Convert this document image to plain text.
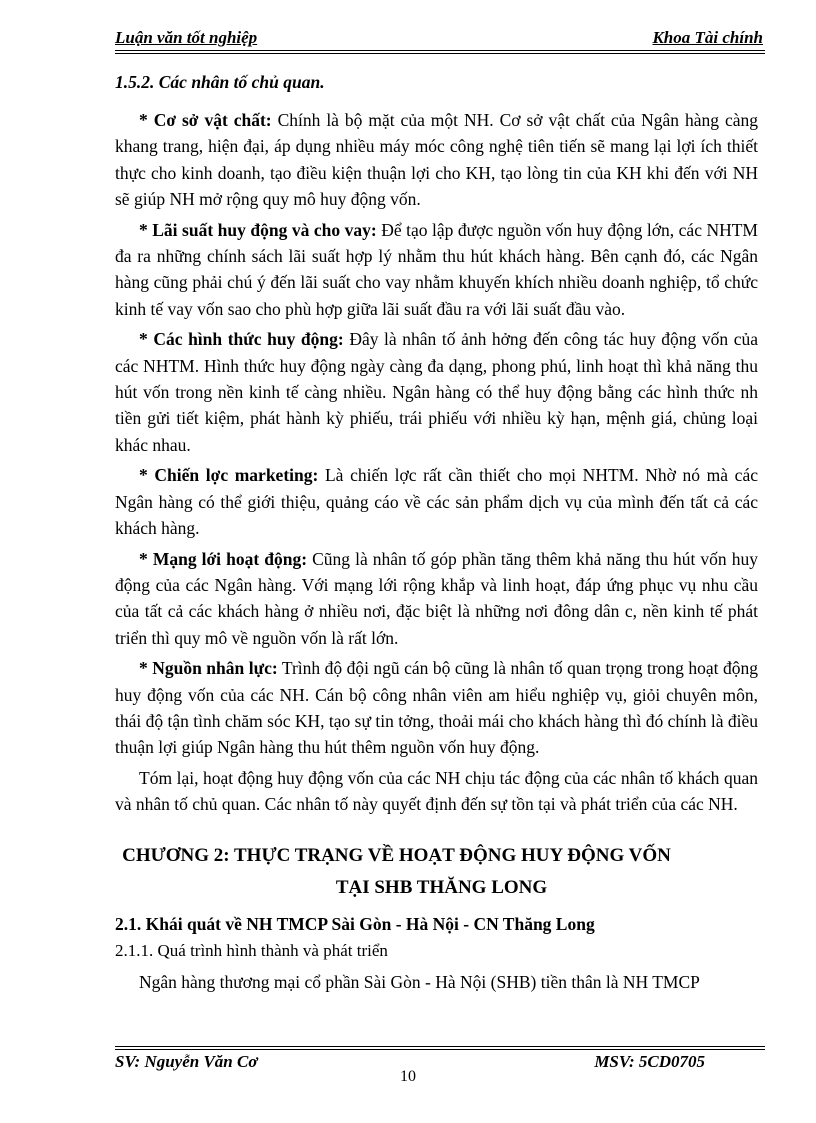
Luận văn tốt nghiệp	Khoa Tài chính
1.5.2. Các nhân tố chủ quan.

* Cơ sở vật chất: Chính là bộ mặt của một NH. Cơ sở vật chất của Ngân hàng càng khang trang, hiện đại, áp dụng nhiều máy móc công nghệ tiên tiến sẽ mang lại lợi ích thiết thực cho kinh doanh, tạo điều kiện thuận lợi cho KH, tạo lòng tin của KH khi đến với NH sẽ giúp NH mở rộng quy mô huy động vốn.

* Lãi suất huy động và cho vay: Để tạo lập được nguồn vốn huy động lớn, các NHTM đa ra những chính sách lãi suất hợp lý nhằm thu hút khách hàng. Bên cạnh đó, các Ngân hàng cũng phải chú ý đến lãi suất cho vay nhằm khuyến khích nhiều doanh nghiệp, tổ chức kinh tế vay vốn sao cho phù hợp giữa lãi suất đầu ra với lãi suất đầu vào.

* Các hình thức huy động: Đây là nhân tố ảnh hởng đến công tác huy động vốn của các NHTM. Hình thức huy động ngày càng đa dạng, phong phú, linh hoạt thì khả năng thu hút vốn trong nền kinh tế càng nhiều. Ngân hàng có thể huy động bằng các hình thức nh tiền gửi tiết kiệm, phát hành kỳ phiếu, trái phiếu với nhiều kỳ hạn, mệnh giá, chủng loại khác nhau.

* Chiến lợc marketing: Là chiến lợc rất cần thiết cho mọi NHTM. Nhờ nó mà các Ngân hàng có thể giới thiệu, quảng cáo về các sản phẩm dịch vụ của mình đến tất cả các khách hàng.

* Mạng lới hoạt động: Cũng là nhân tố góp phần tăng thêm khả năng thu hút vốn huy động của các Ngân hàng. Với mạng lới rộng khắp và linh hoạt, đáp ứng phục vụ nhu cầu của tất cả các khách hàng ở nhiều nơi, đặc biệt là những nơi đông dân c, nền kinh tế phát triển thì quy mô về nguồn vốn là rất lớn.

* Nguồn nhân lực: Trình độ đội ngũ cán bộ cũng là nhân tố quan trọng trong hoạt động huy động vốn của các NH. Cán bộ công nhân viên am hiểu nghiệp vụ, giỏi chuyên môn, thái độ tận tình chăm sóc KH, tạo sự tin tởng, thoải mái cho khách hàng thì đó chính là điều thuận lợi giúp Ngân hàng thu hút thêm nguồn vốn huy động.

Tóm lại, hoạt động huy động vốn của các NH chịu tác động của các nhân tố khách quan và nhân tố chủ quan. Các nhân tố này quyết định đến sự tồn tại và phát triển của các NH.

CHƯƠNG 2: THỰC TRẠNG VỀ HOẠT ĐỘNG HUY ĐỘNG VỐN
TẠI SHB THĂNG LONG
2.1. Khái quát về NH TMCP Sài Gòn - Hà Nội - CN Thăng Long
2.1.1. Quá trình hình thành và phát triển

Ngân hàng thương mại cổ phần Sài Gòn - Hà Nội (SHB) tiền thân là NH TMCP

SV: Nguyễn Văn Cơ	MSV: 5CD0705
10
